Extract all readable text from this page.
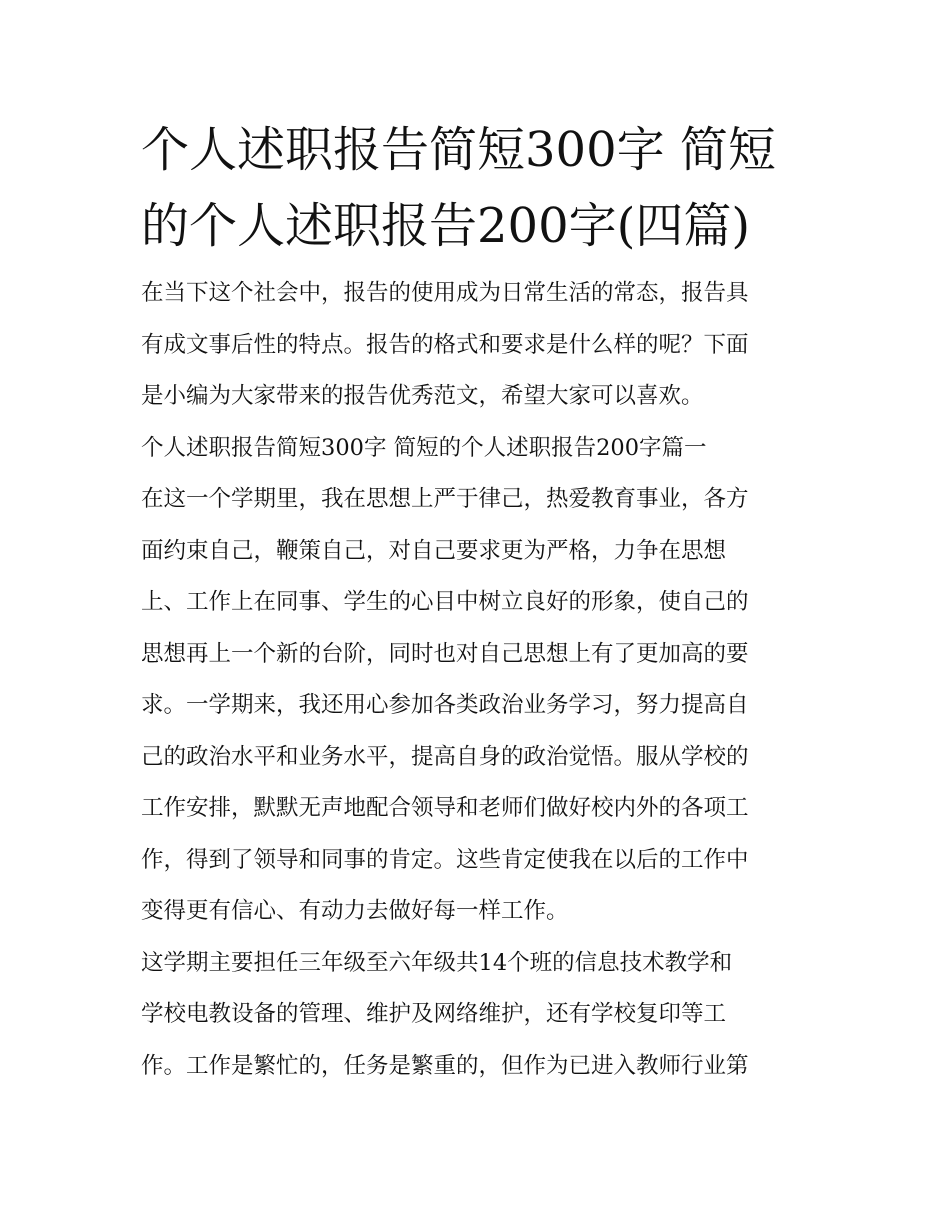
个人述职报告简短300字 简短
的个人述职报告200字(四篇)

在当下这个社会中，报告的使用成为日常生活的常态，报告具
有成文事后性的特点。报告的格式和要求是什么样的呢？下面
是小编为大家带来的报告优秀范文，希望大家可以喜欢。

个人述职报告简短300字 简短的个人述职报告200字篇一

在这一个学期里，我在思想上严于律己，热爱教育事业，各方
面约束自己，鞭策自己，对自己要求更为严格，力争在思想
上、工作上在同事、学生的心目中树立良好的形象，使自己的
思想再上一个新的台阶，同时也对自己思想上有了更加高的要
求。一学期来，我还用心参加各类政治业务学习，努力提高自
己的政治水平和业务水平，提高自身的政治觉悟。服从学校的
工作安排，默默无声地配合领导和老师们做好校内外的各项工
作，得到了领导和同事的肯定。这些肯定使我在以后的工作中
变得更有信心、有动力去做好每一样工作。

这学期主要担任三年级至六年级共14个班的信息技术教学和
学校电教设备的管理、维护及网络维护，还有学校复印等工
作。工作是繁忙的，任务是繁重的，但作为已进入教师行业第
